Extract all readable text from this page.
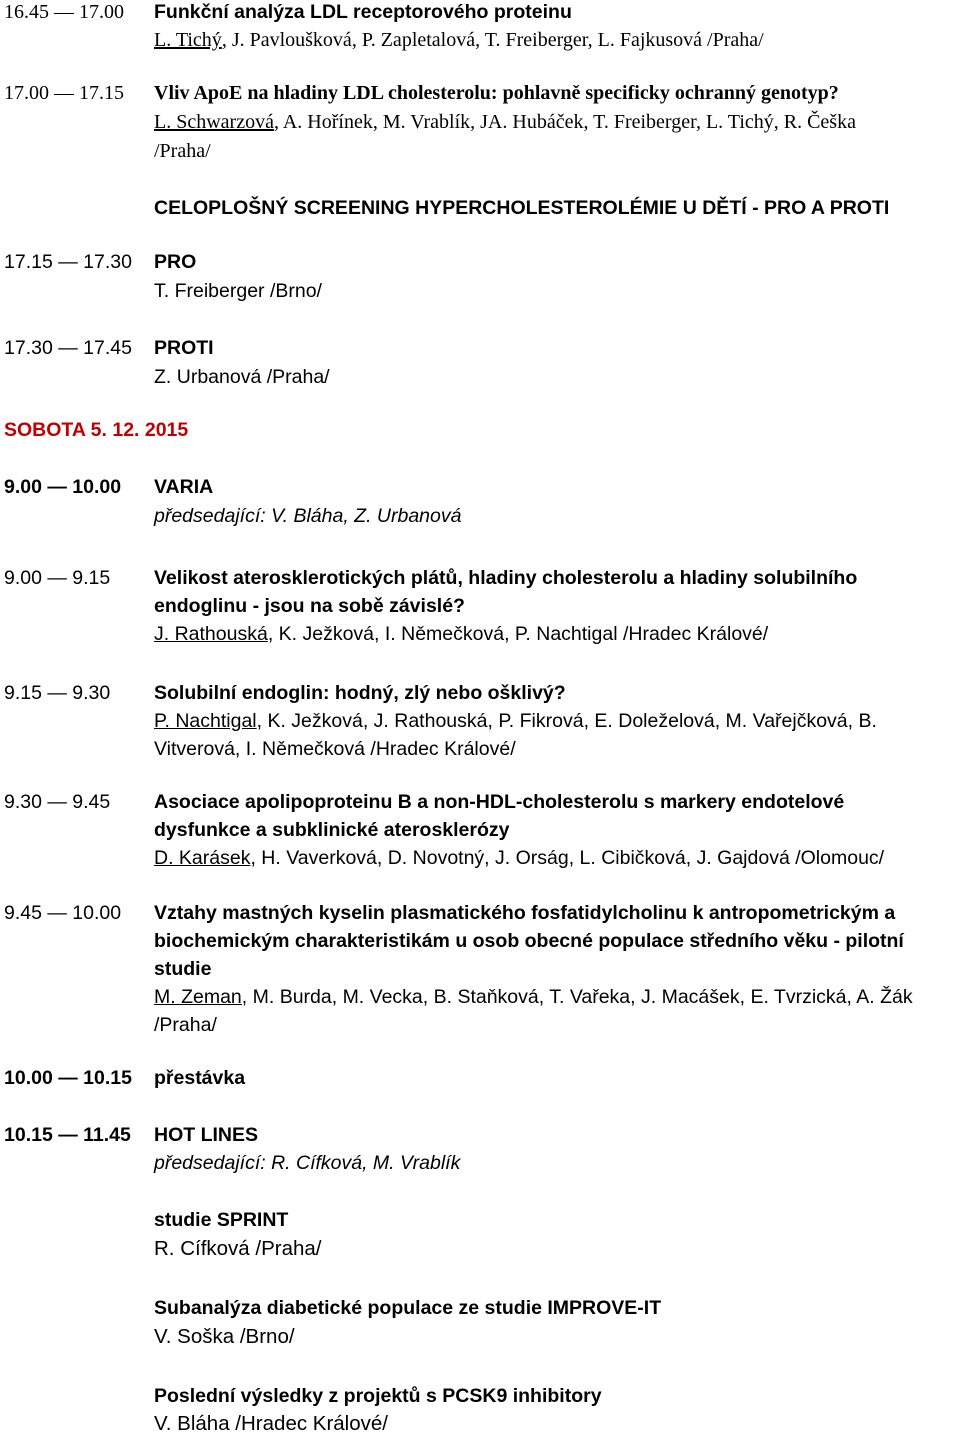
16.45 — 17.00 Funkční analýza LDL receptorového proteinu
L. Tichý, J. Pavloušková, P. Zapletalová, T. Freiberger, L. Fajkusová /Praha/
17.00 — 17.15 Vliv ApoE na hladiny LDL cholesterolu: pohlavně specificky ochranný genotyp?
L. Schwarzová, A. Hořínek, M. Vrablík, JA. Hubáček, T. Freiberger, L. Tichý, R. Češka
/Praha/
CELOPLOŠNÝ SCREENING HYPERCHOLESTEROLÉMIE U DĚTÍ - PRO A PROTI
17.15 — 17.30 PRO
T. Freiberger /Brno/
17.30 — 17.45 PROTI
Z. Urbanová /Praha/
SOBOTA 5. 12. 2015
9.00 — 10.00 VARIA
předsedající: V. Bláha, Z. Urbanová
9.00 — 9.15 Velikost aterosklerotických plátů, hladiny cholesterolu a hladiny solubilního
endoglinu - jsou na sobě závislé?
J. Rathouská, K. Ježková, I. Němečková, P. Nachtigal /Hradec Králové/
9.15 — 9.30 Solubilní endoglin: hodný, zlý nebo ošklivý?
P. Nachtigal, K. Ježková, J. Rathouská, P. Fikrová, E. Doleželová, M. Vařejčková, B.
Vitverová, I. Němečková /Hradec Králové/
9.30 — 9.45 Asociace apolipoproteinu B a non-HDL-cholesterolu s markery endotelové
dysfunkce a subklinické aterosklerózy
D. Karásek, H. Vaverková, D. Novotný, J. Orság, L. Cibičková, J. Gajdová /Olomouc/
9.45 — 10.00 Vztahy mastných kyselin plasmatického fosfatidylcholinu k antropometrickým a
biochemickým charakteristikám u osob obecné populace středního věku - pilotní
studie
M. Zeman, M. Burda, M. Vecka, B. Staňková, T. Vařeka, J. Macášek, E. Tvrzická, A. Žák
/Praha/
10.00 — 10.15 přestávka
10.15 — 11.45 HOT LINES
předsedající: R. Cífková, M. Vrablík
studie SPRINT
R. Cífková /Praha/
Subanalýza diabetické populace ze studie IMPROVE-IT
V. Soška /Brno/
Poslední výsledky z projektů s PCSK9 inhibitory
V. Bláha /Hradec Králové/
